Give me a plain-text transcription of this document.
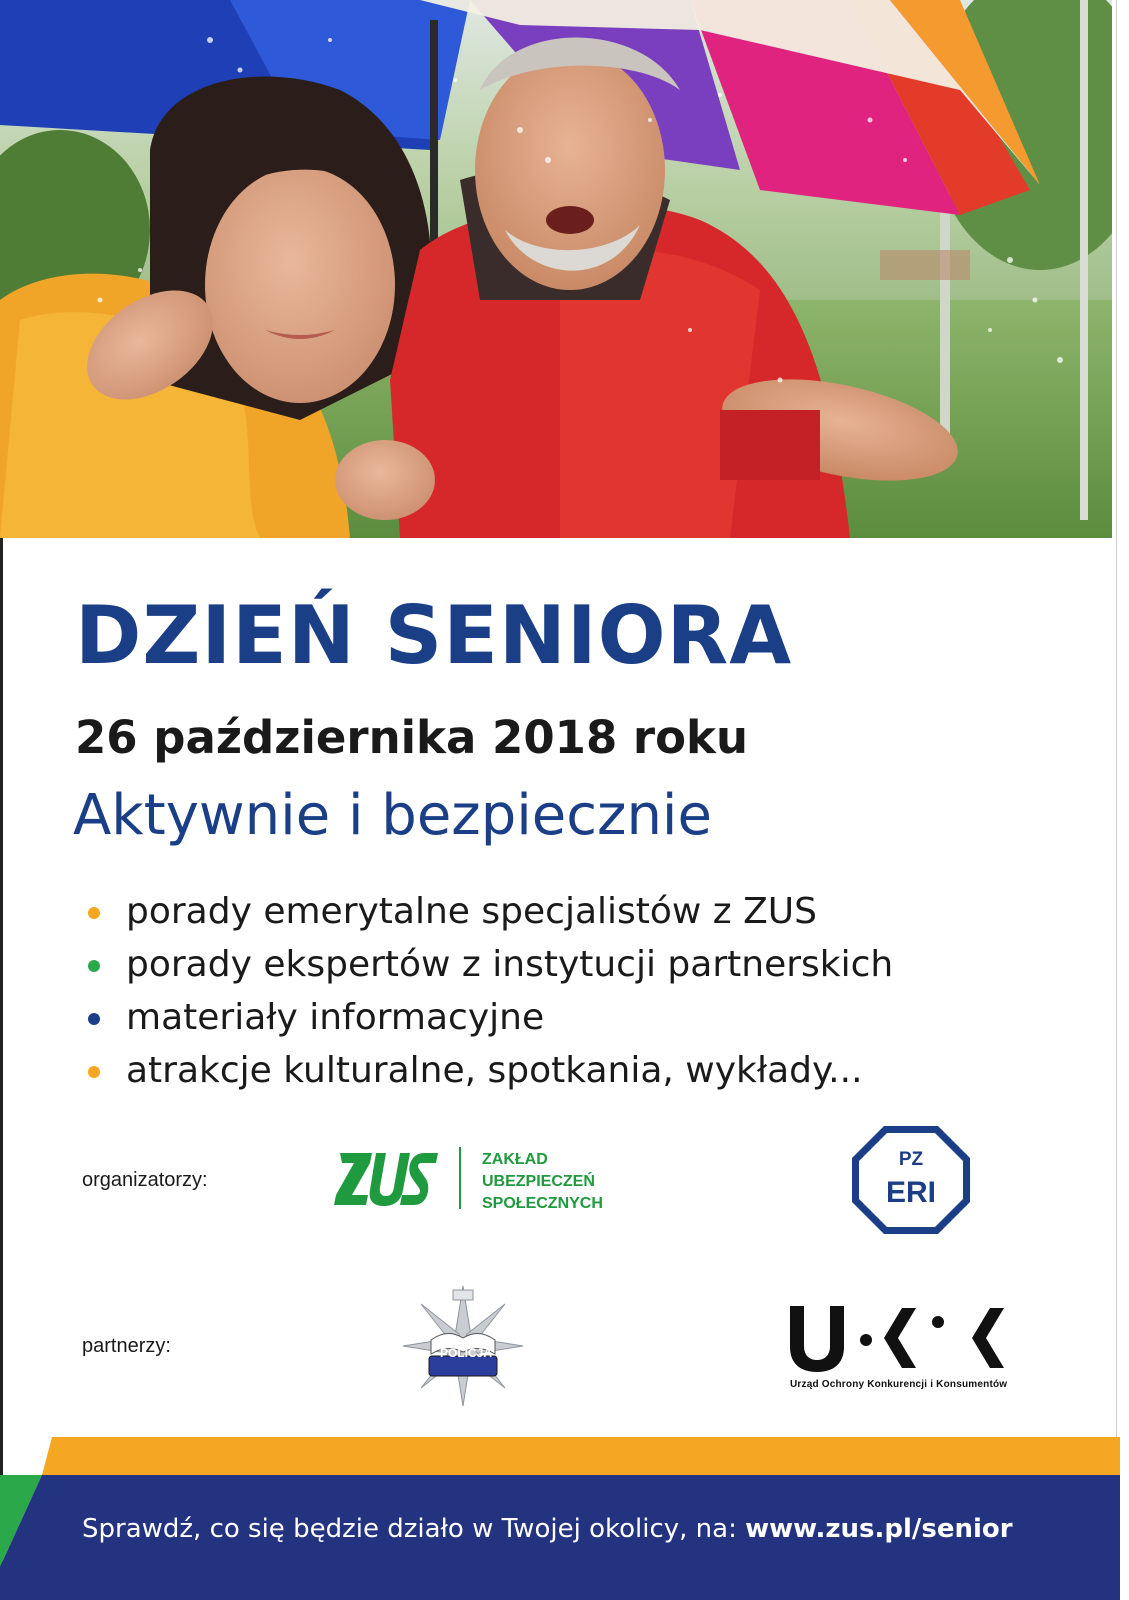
DZIEŃ SENIORA
26 października 2018 roku
Aktywnie i bezpiecznie
porady emerytalne specjalistów z ZUS
porady ekspertów z instytucji partnerskich
materiały informacyjne
atrakcje kulturalne, spotkania, wykłady...
organizatorzy:
ZAKŁAD
UBEZPIECZEŃ
SPOŁECZNYCH
PZ
ERI
partnerzy:	POLICJA
Urząd Ochrony Konkurencji i Konsumentów
Sprawdź, co się będzie działo w Twojej okolicy, na: www.zus.pl/senior
